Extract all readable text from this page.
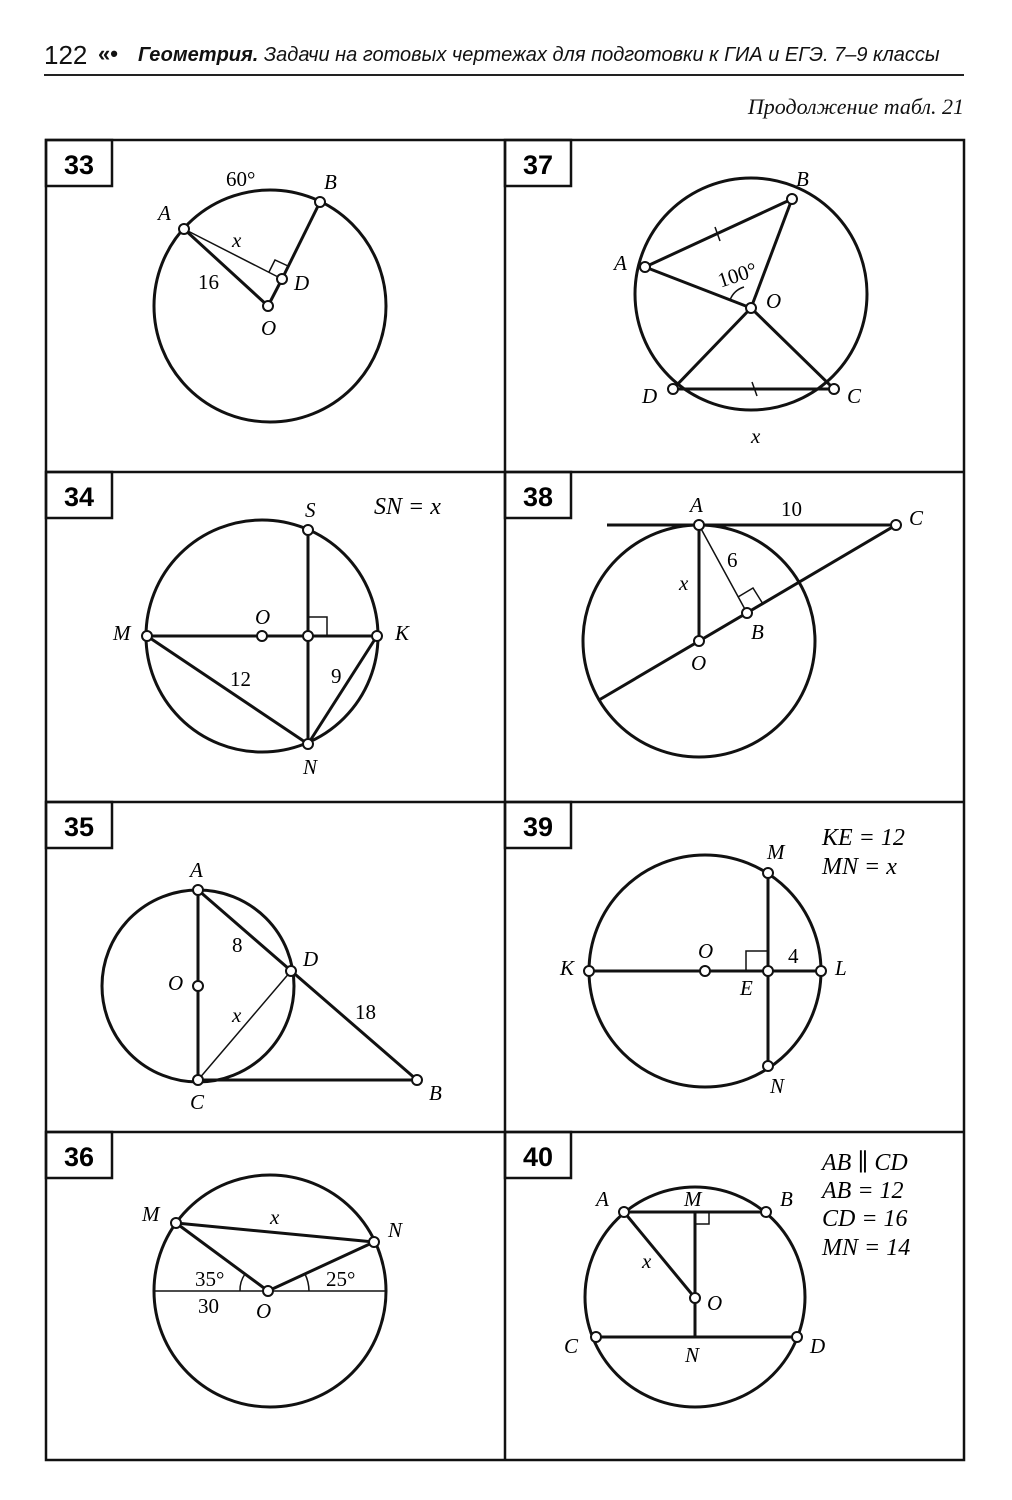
122 «• Геометрия. Задачи на готовых чертежах для подготовки к ГИА и ЕГЭ. 7–9 классы
Продолжение табл. 21
33	37
34	38
35	39
36	40
60°
16
x
A
B
D
O
100°
x
A
B
C
D
O
SN = x
12	9
S
M
O
K
N
10
6
x
A
C
B
O
8
18
x
A
O
C
D
B
KE = 12
MN = x
4
M
K
O
L
E
N
x
35°	25°
30
M
N
O
AB ∥ CD
AB = 12
CD = 16
MN = 14
x
A	M	B
C	D
N
O
